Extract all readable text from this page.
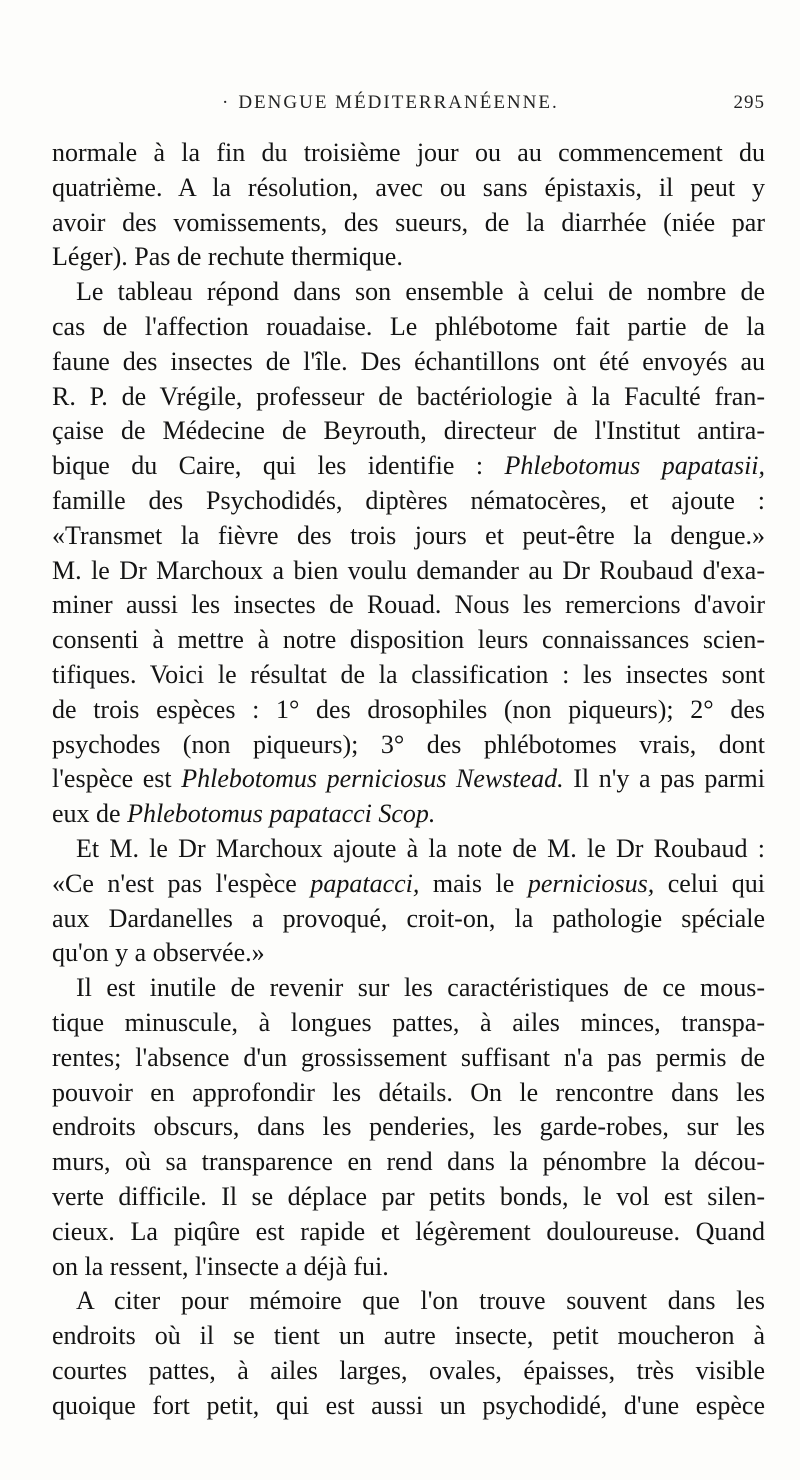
· DENGUE MÉDITERRANÉENNE.	295
normale à la fin du troisième jour ou au commencement du
quatrième. A la résolution, avec ou sans épistaxis, il peut y
avoir des vomissements, des sueurs, de la diarrhée (niée par
Léger). Pas de rechute thermique.
Le tableau répond dans son ensemble à celui de nombre de
cas de l'affection rouadaise. Le phlébotome fait partie de la
faune des insectes de l'île. Des échantillons ont été envoyés au
R. P. de Vrégile, professeur de bactériologie à la Faculté fran-
çaise de Médecine de Beyrouth, directeur de l'Institut antira-
bique du Caire, qui les identifie : Phlebotomus papatasii,
famille des Psychodidés, diptères nématocères, et ajoute :
«Transmet la fièvre des trois jours et peut-être la dengue.»
M. le Dr Marchoux a bien voulu demander au Dr Roubaud d'exa-
miner aussi les insectes de Rouad. Nous les remercions d'avoir
consenti à mettre à notre disposition leurs connaissances scien-
tifiques. Voici le résultat de la classification : les insectes sont
de trois espèces : 1° des drosophiles (non piqueurs); 2° des
psychodes (non piqueurs); 3° des phlébotomes vrais, dont
l'espèce est Phlebotomus perniciosus Newstead. Il n'y a pas parmi
eux de Phlebotomus papatacci Scop.
Et M. le Dr Marchoux ajoute à la note de M. le Dr Roubaud :
«Ce n'est pas l'espèce papatacci, mais le perniciosus, celui qui
aux Dardanelles a provoqué, croit-on, la pathologie spéciale
qu'on y a observée.»
Il est inutile de revenir sur les caractéristiques de ce mous-
tique minuscule, à longues pattes, à ailes minces, transpa-
rentes; l'absence d'un grossissement suffisant n'a pas permis de
pouvoir en approfondir les détails. On le rencontre dans les
endroits obscurs, dans les penderies, les garde-robes, sur les
murs, où sa transparence en rend dans la pénombre la décou-
verte difficile. Il se déplace par petits bonds, le vol est silen-
cieux. La piqûre est rapide et légèrement douloureuse. Quand
on la ressent, l'insecte a déjà fui.
A citer pour mémoire que l'on trouve souvent dans les
endroits où il se tient un autre insecte, petit moucheron à
courtes pattes, à ailes larges, ovales, épaisses, très visible
quoique fort petit, qui est aussi un psychodidé, d'une espèce
